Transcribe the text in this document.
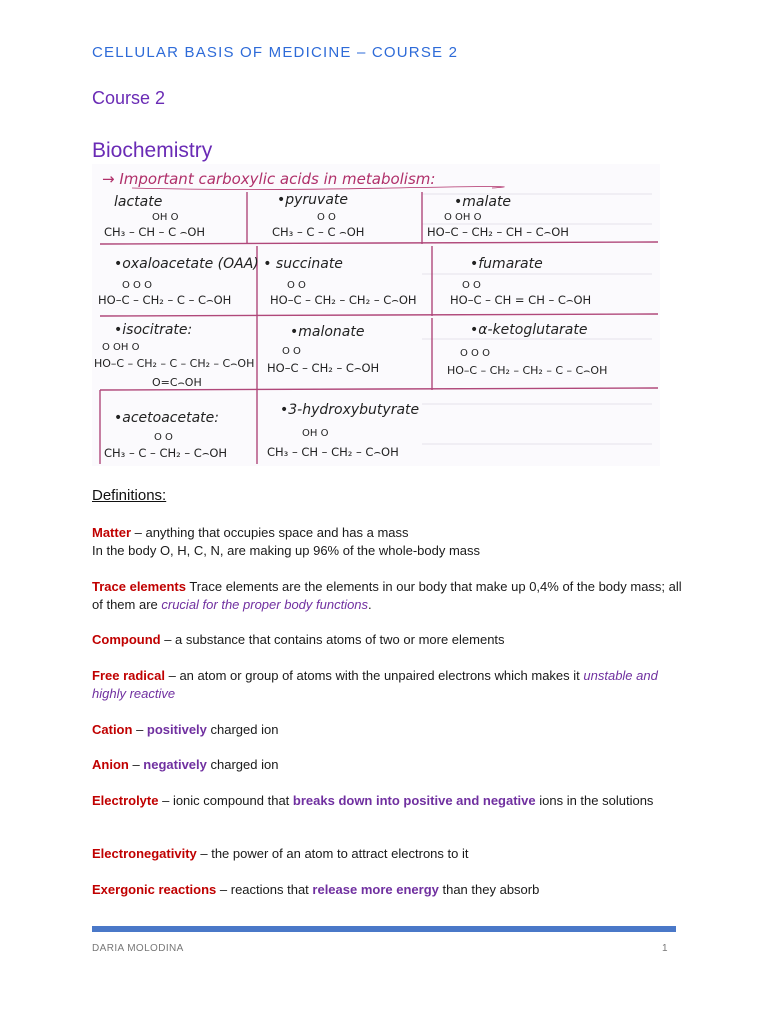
CELLULAR BASIS OF MEDICINE – COURSE 2
Course 2
Biochemistry
→ Important carboxylic acids in metabolism:
lactate
OH O
CH₃ – CH – C ⌢OH
•pyruvate
O O
CH₃ – C – C ⌢OH
•malate
O OH O
HO–C – CH₂ – CH – C⌢OH
•oxaloacetate (OAA) • succinate
O O O
HO–C – CH₂ – C – C⌢OH
O O
HO–C – CH₂ – CH₂ – C⌢OH
•fumarate
O O
HO–C – CH = CH – C⌢OH
•isocitrate:
O OH O
HO–C – CH₂ – C – CH₂ – C⌢OH
O=C⌢OH
•malonate
O O
HO–C – CH₂ – C⌢OH
•α-ketoglutarate
O O O
HO–C – CH₂ – CH₂ – C – C⌢OH
•acetoacetate:
O O
CH₃ – C – CH₂ – C⌢OH
•3-hydroxybutyrate
OH O
CH₃ – CH – CH₂ – C⌢OH
Definitions:
Matter – anything that occupies space and has a mass
In the body O, H, C, N, are making up 96% of the whole-body mass
Trace elements Trace elements are the elements in our body that make up 0,4% of the body mass; all of them are crucial for the proper body functions.
Compound – a substance that contains atoms of two or more elements
Free radical – an atom or group of atoms with the unpaired electrons which makes it unstable and highly reactive
Cation – positively charged ion
Anion – negatively charged ion
Electrolyte – ionic compound that breaks down into positive and negative ions in the solutions
Electronegativity – the power of an atom to attract electrons to it
Exergonic reactions – reactions that release more energy than they absorb
DARIA MOLODINA	1
